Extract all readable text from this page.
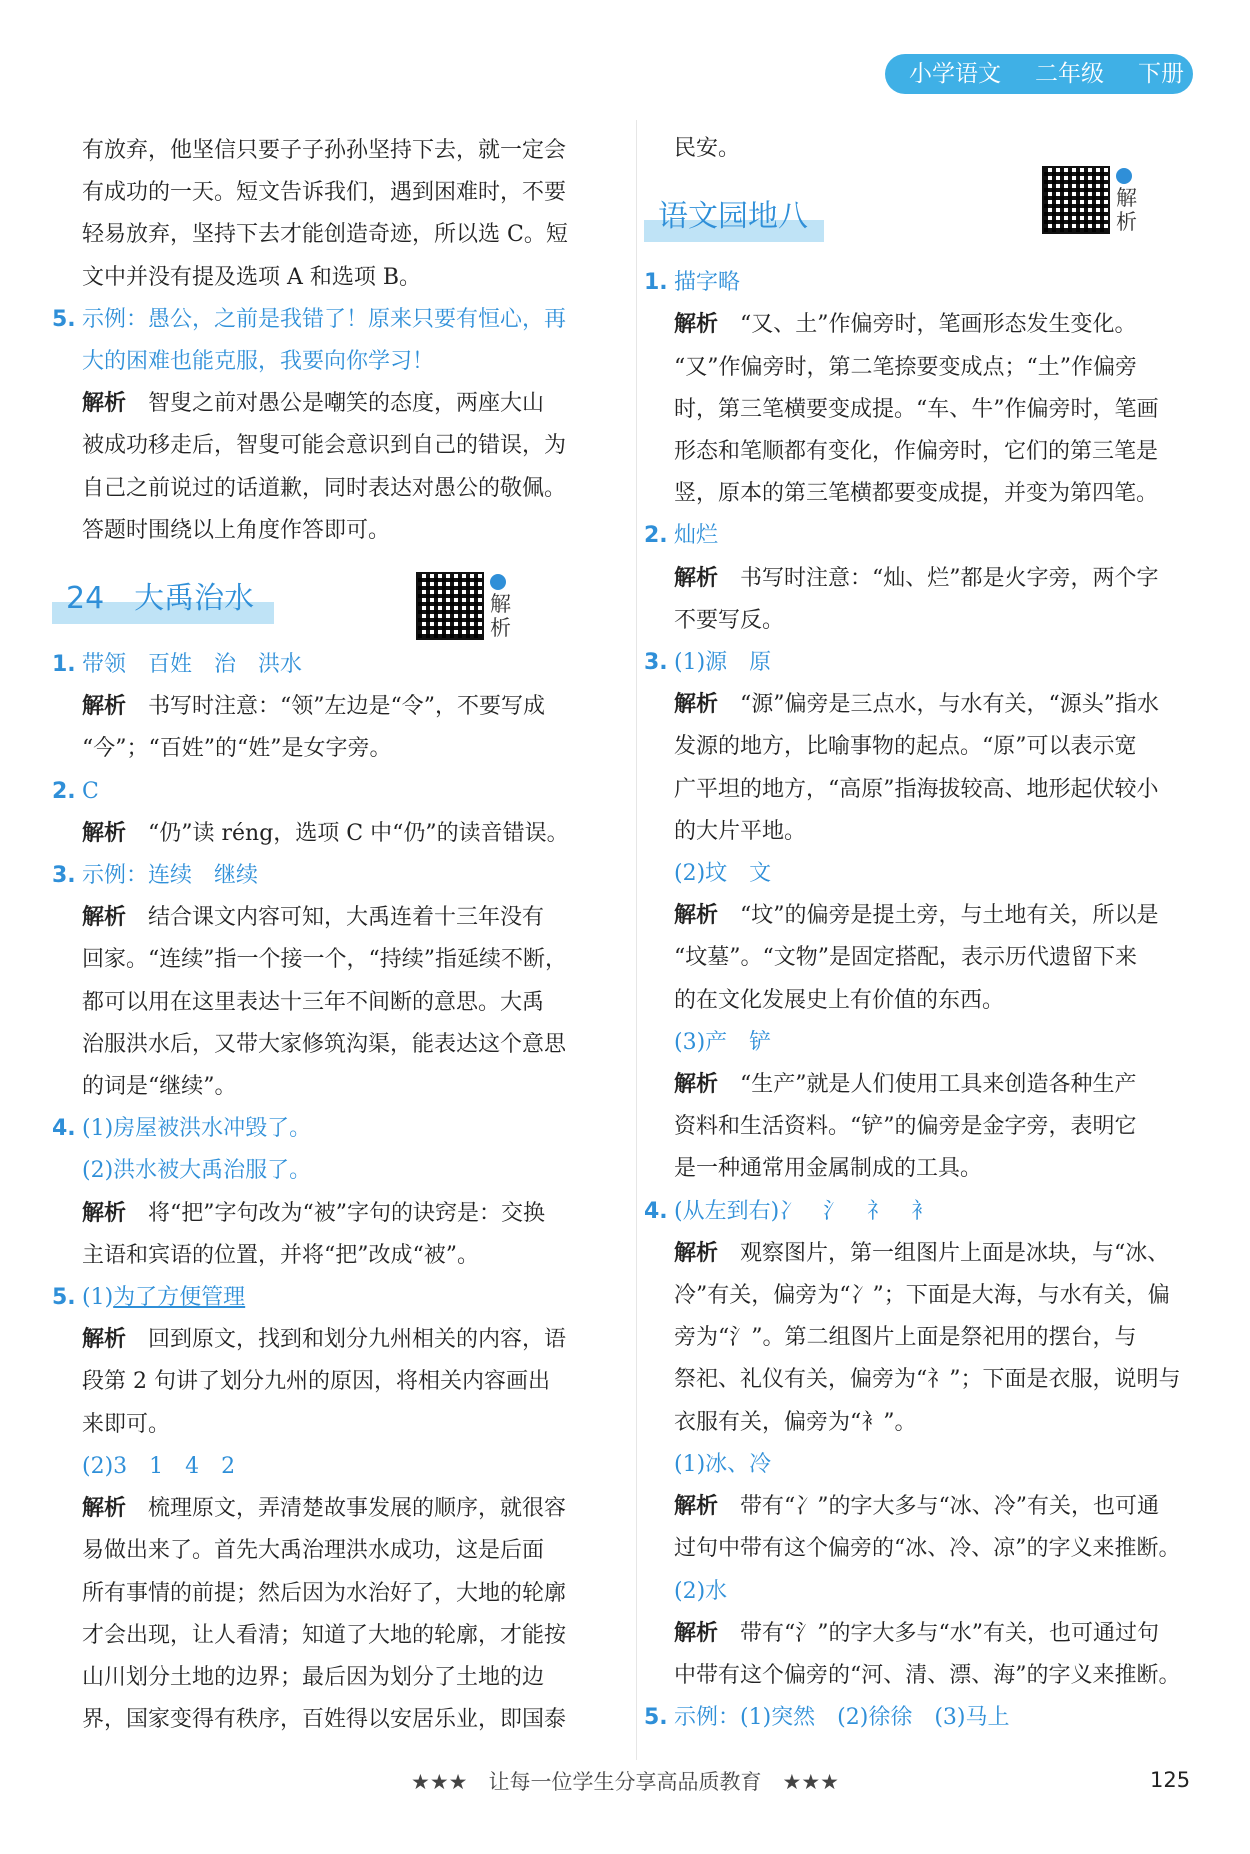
小学语文 二年级 下册
有放弃，他坚信只要子子孙孙坚持下去，就一定会
有成功的一天。短文告诉我们，遇到困难时，不要
轻易放弃，坚持下去才能创造奇迹，所以选 C。短
文中并没有提及选项 A 和选项 B。
5. 示例：愚公，之前是我错了！原来只要有恒心，再
大的困难也能克服，我要向你学习！
解析 智叟之前对愚公是嘲笑的态度，两座大山
被成功移走后，智叟可能会意识到自己的错误，为
自己之前说过的话道歉，同时表达对愚公的敬佩。
答题时围绕以上角度作答即可。
24　大禹治水	解析
1. 带领　百姓　治　洪水
解析 书写时注意：“领”左边是“令”，不要写成
“今”；“百姓”的“姓”是女字旁。
2. C
解析 “仍”读 réng，选项 C 中“仍”的读音错误。
3. 示例：连续　继续
解析 结合课文内容可知，大禹连着十三年没有
回家。“连续”指一个接一个，“持续”指延续不断，
都可以用在这里表达十三年不间断的意思。大禹
治服洪水后，又带大家修筑沟渠，能表达这个意思
的词是“继续”。
4. (1)房屋被洪水冲毁了。
(2)洪水被大禹治服了。
解析 将“把”字句改为“被”字句的诀窍是：交换
主语和宾语的位置，并将“把”改成“被”。
5. (1)为了方便管理
解析 回到原文，找到和划分九州相关的内容，语
段第 2 句讲了划分九州的原因，将相关内容画出
来即可。
(2)3　1　4　2
解析 梳理原文，弄清楚故事发展的顺序，就很容
易做出来了。首先大禹治理洪水成功，这是后面
所有事情的前提；然后因为水治好了，大地的轮廓
才会出现，让人看清；知道了大地的轮廓，才能按
山川划分土地的边界；最后因为划分了土地的边
界，国家变得有秩序，百姓得以安居乐业，即国泰
民安。
语文园地八
解析
1. 描字略
解析 “又、土”作偏旁时，笔画形态发生变化。
“又”作偏旁时，第二笔捺要变成点；“土”作偏旁
时，第三笔横要变成提。“车、牛”作偏旁时，笔画
形态和笔顺都有变化，作偏旁时，它们的第三笔是
竖，原本的第三笔横都要变成提，并变为第四笔。
2. 灿烂
解析 书写时注意：“灿、烂”都是火字旁，两个字
不要写反。
3. (1)源　原
解析 “源”偏旁是三点水，与水有关，“源头”指水
发源的地方，比喻事物的起点。“原”可以表示宽
广平坦的地方，“高原”指海拔较高、地形起伏较小
的大片平地。
(2)坟　文
解析 “坟”的偏旁是提土旁，与土地有关，所以是
“坟墓”。“文物”是固定搭配，表示历代遗留下来
的在文化发展史上有价值的东西。
(3)产　铲
解析 “生产”就是人们使用工具来创造各种生产
资料和生活资料。“铲”的偏旁是金字旁，表明它
是一种通常用金属制成的工具。
4. (从左到右)冫　氵　礻　衤
解析 观察图片，第一组图片上面是冰块，与“冰、
冷”有关，偏旁为“冫”；下面是大海，与水有关，偏
旁为“氵”。第二组图片上面是祭祀用的摆台，与
祭祀、礼仪有关，偏旁为“礻”；下面是衣服，说明与
衣服有关，偏旁为“衤”。
(1)冰、冷
解析 带有“冫”的字大多与“冰、冷”有关，也可通
过句中带有这个偏旁的“冰、冷、凉”的字义来推断。
(2)水
解析 带有“氵”的字大多与“水”有关，也可通过句
中带有这个偏旁的“河、清、漂、海”的字义来推断。
5. 示例：(1)突然　(2)徐徐　(3)马上
★★★　让每一位学生分享高品质教育　★★★	125
